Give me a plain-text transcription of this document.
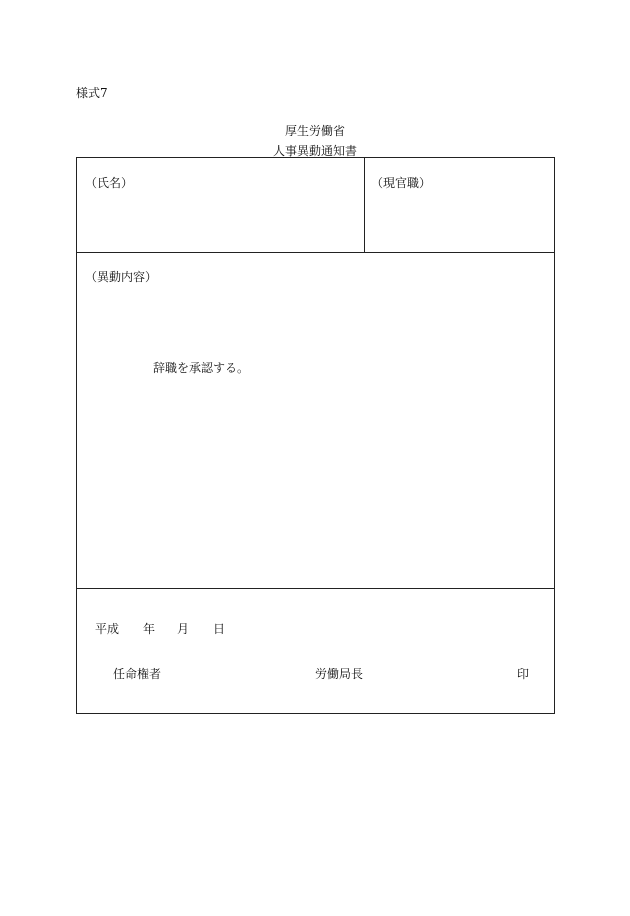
様式7
厚生労働省
人事異動通知書
（氏名）	（現官職）
（異動内容）
辞職を承認する。
平成 年 月 日
任命権者	労働局長	印
